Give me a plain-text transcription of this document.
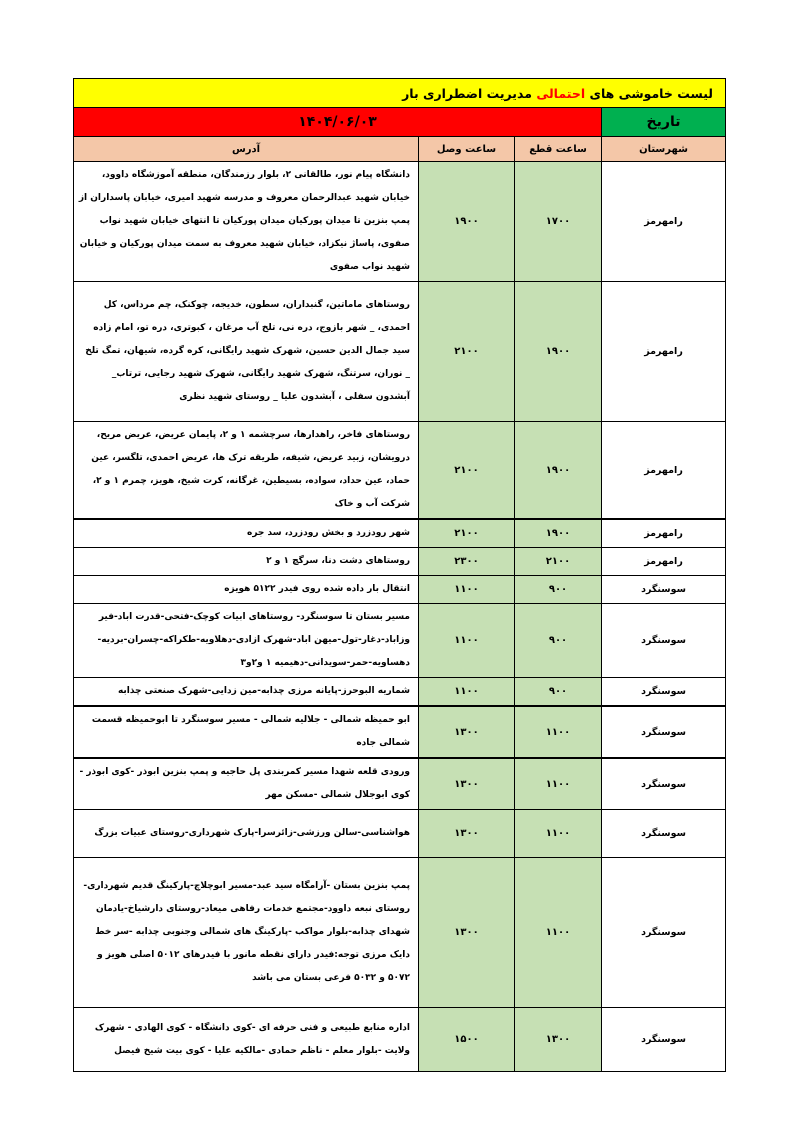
لیست خاموشی های احتمالی مدیریت اضطراری بار			
تاریخ	۱۴۰۴/۰۶/۰۳		
شهرستان	ساعت قطع	ساعت وصل	آدرس
رامهرمز	۱۷۰۰	۱۹۰۰	دانشگاه پیام نور، طالقانی ۲، بلوار رزمندگان، منطقه آموزشگاه داوود، خیابان شهید عبدالرحمان معروف و مدرسه شهید امیری، خیابان پاسداران از پمپ بنزین تا میدان پورکیان میدان پورکیان تا انتهای خیابان شهید نواب صفوی، پاساژ نیکزاد، خیابان شهید معروف به سمت میدان پورکیان و خیابان شهید نواب صفوی
رامهرمز	۱۹۰۰	۲۱۰۰	روستاهای ماماتین، گنبداران، سطون، خدیجه، چوکنک، چم مرداس، کل احمدی، _ شهر بازوج، دره نی، تلخ آب مرغان ، کبوتری، دره تو، امام زاده سید جمال الدین حسین، شهرک شهید رایگانی، کره گرده، شیهان، تمگ تلخ _ نوران، سرتنگ، شهرک شهید رایگانی، شهرک شهید رجایی، ترتاب_ آبشدون سفلی ، آبشدون علیا _ روستای شهید نظری
رامهرمز	۱۹۰۰	۲۱۰۰	روستاهای فاخر، راهدارها، سرچشمه ۱ و ۲، پایمان عریض، عریض مریح، درویشان، زبید عریض، شیفه، طریقه ترک ها، عریض احمدی، تلگسر، عین حماد، عین حداد، سواده، بسیطین، غرگانه، کرت شیخ، هویز، چمرم ۱ و ۲، شرکت آب و خاک
رامهرمز	۱۹۰۰	۲۱۰۰	شهر رودزرد و بخش رودزرد، سد جره
رامهرمز	۲۱۰۰	۲۳۰۰	روستاهای دشت دنا، سرگچ ۱ و ۲
سوسنگرد	۹۰۰	۱۱۰۰	انتقال بار داده شده روی فیدر ۵۱۲۲ هویزه
سوسنگرد	۹۰۰	۱۱۰۰	مسیر بستان تا سوسنگرد- روستاهای ابیات کوچک-فتحی-قدرت اباد-فیر وزاباد-دغار-تول-میهن اباد-شهرک ازادی-دهلاویه-طکراکه-چسران-بردیه-دهساویه-حمر-سویدانی-دهیمیه ۱ و۲و۳
سوسنگرد	۹۰۰	۱۱۰۰	شماریه البوحرز-پایانه مرزی چذابه-مین زدایی-شهرک صنعتی چذابه
سوسنگرد	۱۱۰۰	۱۳۰۰	ابو حمیظه شمالی - جلالیه شمالی - مسیر سوسنگرد تا ابوحمیظه قسمت شمالی جاده
سوسنگرد	۱۱۰۰	۱۳۰۰	ورودی قلعه شهدا مسیر کمربندی پل حاجیه و پمپ بنزین ابوذر -کوی ابوذر - کوی ابوجلال شمالی -مسکن مهر
سوسنگرد	۱۱۰۰	۱۳۰۰	هواشناسی-سالن ورزشی-زائرسرا-پارک شهرداری-روستای عبیات بزرگ
سوسنگرد	۱۱۰۰	۱۳۰۰	پمپ بنزین بستان -آرامگاه سید عبد-مسیر ابوچلاچ-پارکینگ قدیم شهرداری-روستای نبعه داوود-مجتمع خدمات رفاهی میعاد-روستای دارشیاخ-یادمان شهدای چذابه-بلوار مواکب -پارکینگ های شمالی وجنوبی چذابه -سر خط دایک مرزی توجه:فیدر دارای نقطه مانور با فیدرهای ۵۰۱۲ اصلی هویز و ۵۰۷۲ و ۵۰۳۲ فرعی بستان می باشد
سوسنگرد	۱۳۰۰	۱۵۰۰	اداره منابع طبیعی و فنی حرفه ای -کوی دانشگاه - کوی الهادی - شهرک ولایت -بلوار معلم - ناظم حمادی -مالکیه علیا - کوی بیت شیخ فیصل
